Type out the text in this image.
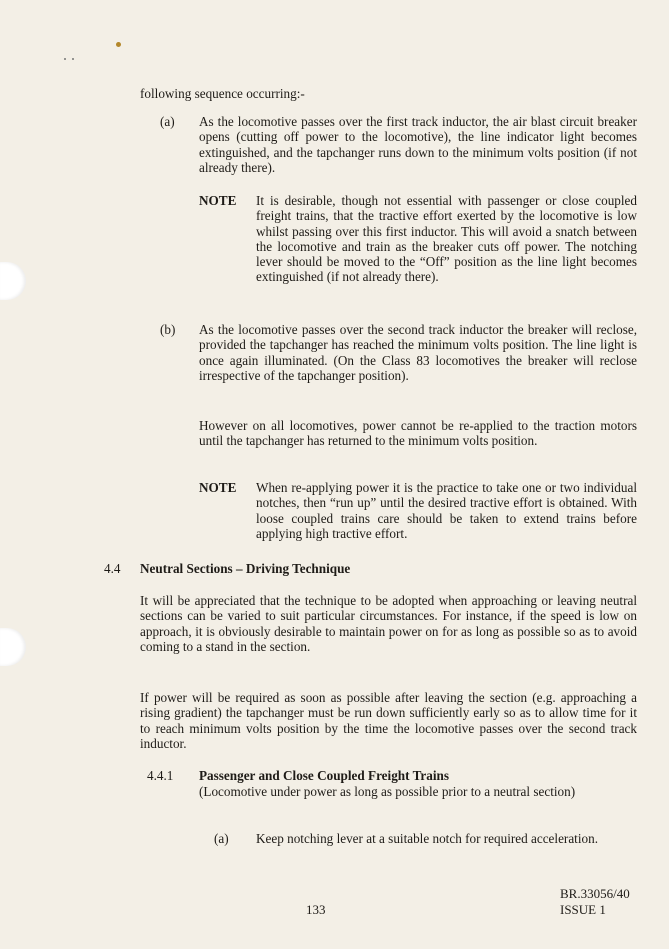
following sequence occurring:-

(a) As the locomotive passes over the first track inductor, the air blast circuit breaker opens (cutting off power to the locomotive), the line indicator light becomes extinguished, and the tapchanger runs down to the minimum volts position (if not already there).

NOTE It is desirable, though not essential with passenger or close coupled freight trains, that the tractive effort exerted by the locomotive is low whilst passing over this first inductor. This will avoid a snatch between the locomotive and train as the breaker cuts off power. The notching lever should be moved to the “Off” position as the line light becomes extinguished (if not already there).

(b) As the locomotive passes over the second track inductor the breaker will reclose, provided the tapchanger has reached the minimum volts position. The line light is once again illuminated. (On the Class 83 locomotives the breaker will reclose irrespective of the tapchanger position).

However on all locomotives, power cannot be re-applied to the traction motors until the tapchanger has returned to the minimum volts position.

NOTE When re-applying power it is the practice to take one or two individual notches, then “run up” until the desired tractive effort is obtained. With loose coupled trains care should be taken to extend trains before applying high tractive effort.

4.4 Neutral Sections – Driving Technique

It will be appreciated that the technique to be adopted when approaching or leaving neutral sections can be varied to suit particular circumstances. For instance, if the speed is low on approach, it is obviously desirable to maintain power on for as long as possible so as to avoid coming to a stand in the section.

If power will be required as soon as possible after leaving the section (e.g. approaching a rising gradient) the tapchanger must be run down sufficiently early so as to allow time for it to reach minimum volts position by the time the locomotive passes over the second track inductor.

4.4.1 Passenger and Close Coupled Freight Trains

(Locomotive under power as long as possible prior to a neutral section)

(a) Keep notching lever at a suitable notch for required acceleration.

133
BR.33056/40
ISSUE 1
